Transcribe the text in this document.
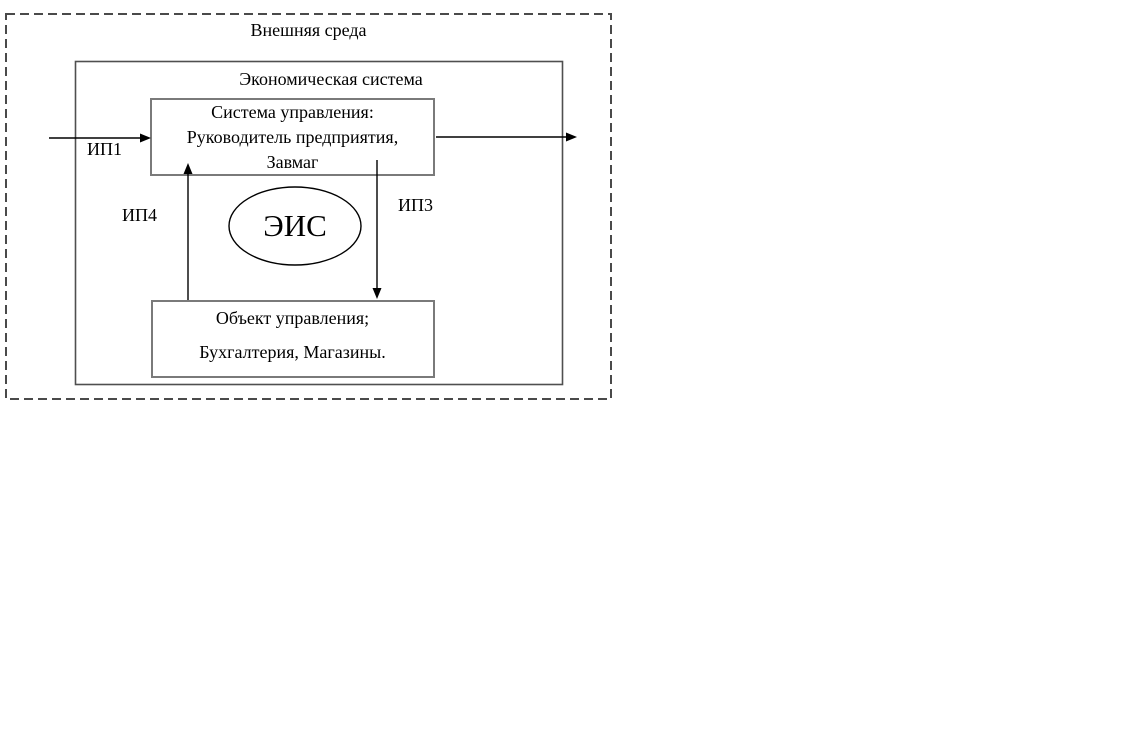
Внешняя среда
Экономическая система
Система управления:
Руководитель предприятия,
Завмаг
ЭИС
Объект управления;
Бухгалтерия, Магазины.
ИП1
ИП3
ИП4
